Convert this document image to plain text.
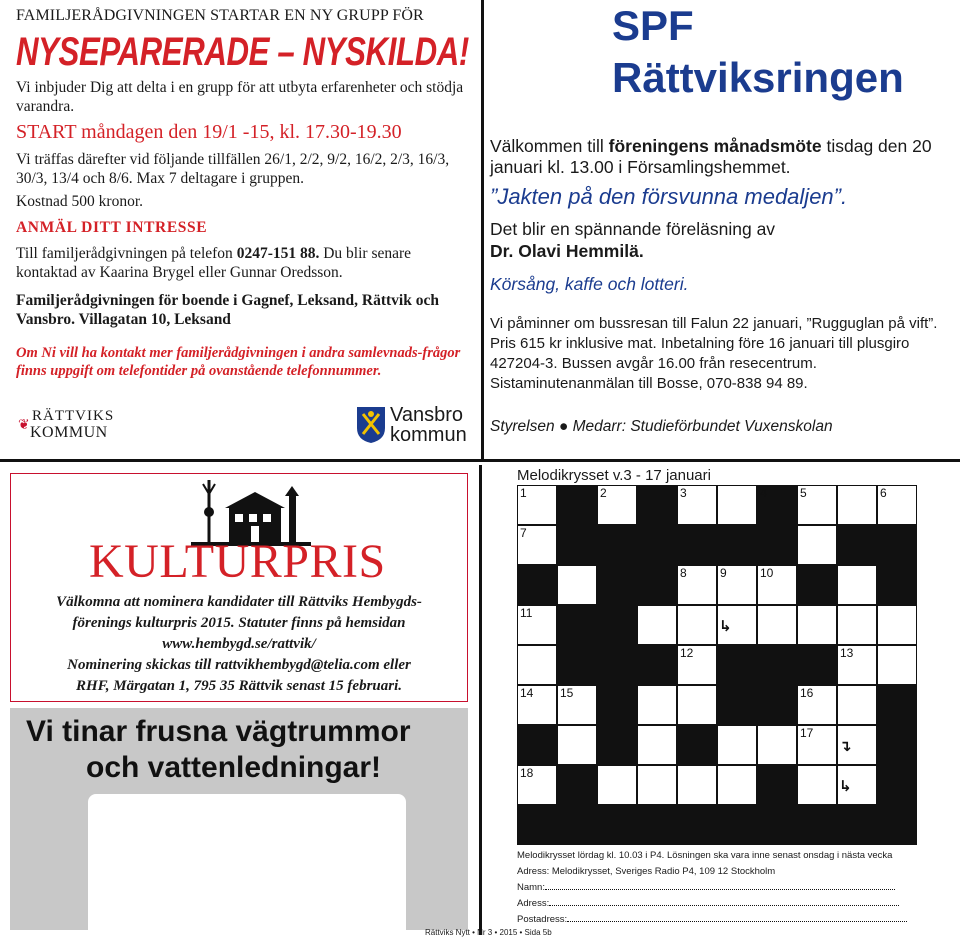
FAMILJERÅDGIVNINGEN STARTAR EN NY GRUPP FÖR
NYSEPARERADE – NYSKILDA!
Vi inbjuder Dig att delta i en grupp för att utbyta erfarenheter och stödja varandra.
START måndagen den 19/1 -15, kl. 17.30-19.30
Vi träffas därefter vid följande tillfällen 26/1, 2/2, 9/2, 16/2, 2/3, 16/3, 30/3, 13/4 och 8/6. Max 7 deltagare i gruppen.
Kostnad 500 kronor.
ANMÄL DITT INTRESSE
Till familjerådgivningen på telefon 0247-151 88. Du blir senare kontaktad av Kaarina Brygel eller Gunnar Oredsson.
Familjerådgivningen för boende i Gagnef, Leksand, Rättvik och Vansbro. Villagatan 10, Leksand
Om Ni vill ha kontakt mer familjerådgivningen i andra samlevnads-frågor finns uppgift om telefontider på ovanstående telefonnummer.
❦
RÄTTVIKS
KOMMUN
Vansbro
kommun
SPF
Rättviksringen
Välkommen till föreningens månadsmöte tisdag den 20 januari kl. 13.00 i Församlingshemmet.
”Jakten på den försvunna medaljen”.
Det blir en spännande föreläsning av
Dr. Olavi Hemmilä.
Körsång, kaffe och lotteri.
Vi påminner om bussresan till Falun 22 januari, ”Rugguglan på vift”. Pris 615 kr inklusive mat. Inbetalning före 16 januari till plusgiro 427204-3. Bussen avgår 16.00 från resecentrum. Sistaminutenanmälan till Bosse, 070-838 94 89.
Styrelsen ● Medarr: Studieförbundet Vuxenskolan
KULTURPRIS
Välkomna att nominera kandidater till Rättviks Hembygds-
förenings kulturpris 2015. Statuter finns på hemsidan
www.hembygd.se/rattvik/
Nominering skickas till rattvikhembygd@telia.com eller
RHF, Märgatan 1, 795 35 Rättvik senast 15 februari.
Vi tinar frusna vägtrummor
och vattenledningar!
Melodikrysset v.3 - 17 januari
1	2	3	4	5	6
7
8	9	10
11
12	13
14 15	16
17
18
↳
↴
↳
Melodikrysset lördag kl. 10.03 i P4. Lösningen ska vara inne senast onsdag i nästa vecka
Adress: Melodikrysset, Sveriges Radio P4, 109 12 Stockholm
Namn:
Adress:
Postadress:
Rättviks Nytt • Nr 3 • 2015 • Sida 5b
